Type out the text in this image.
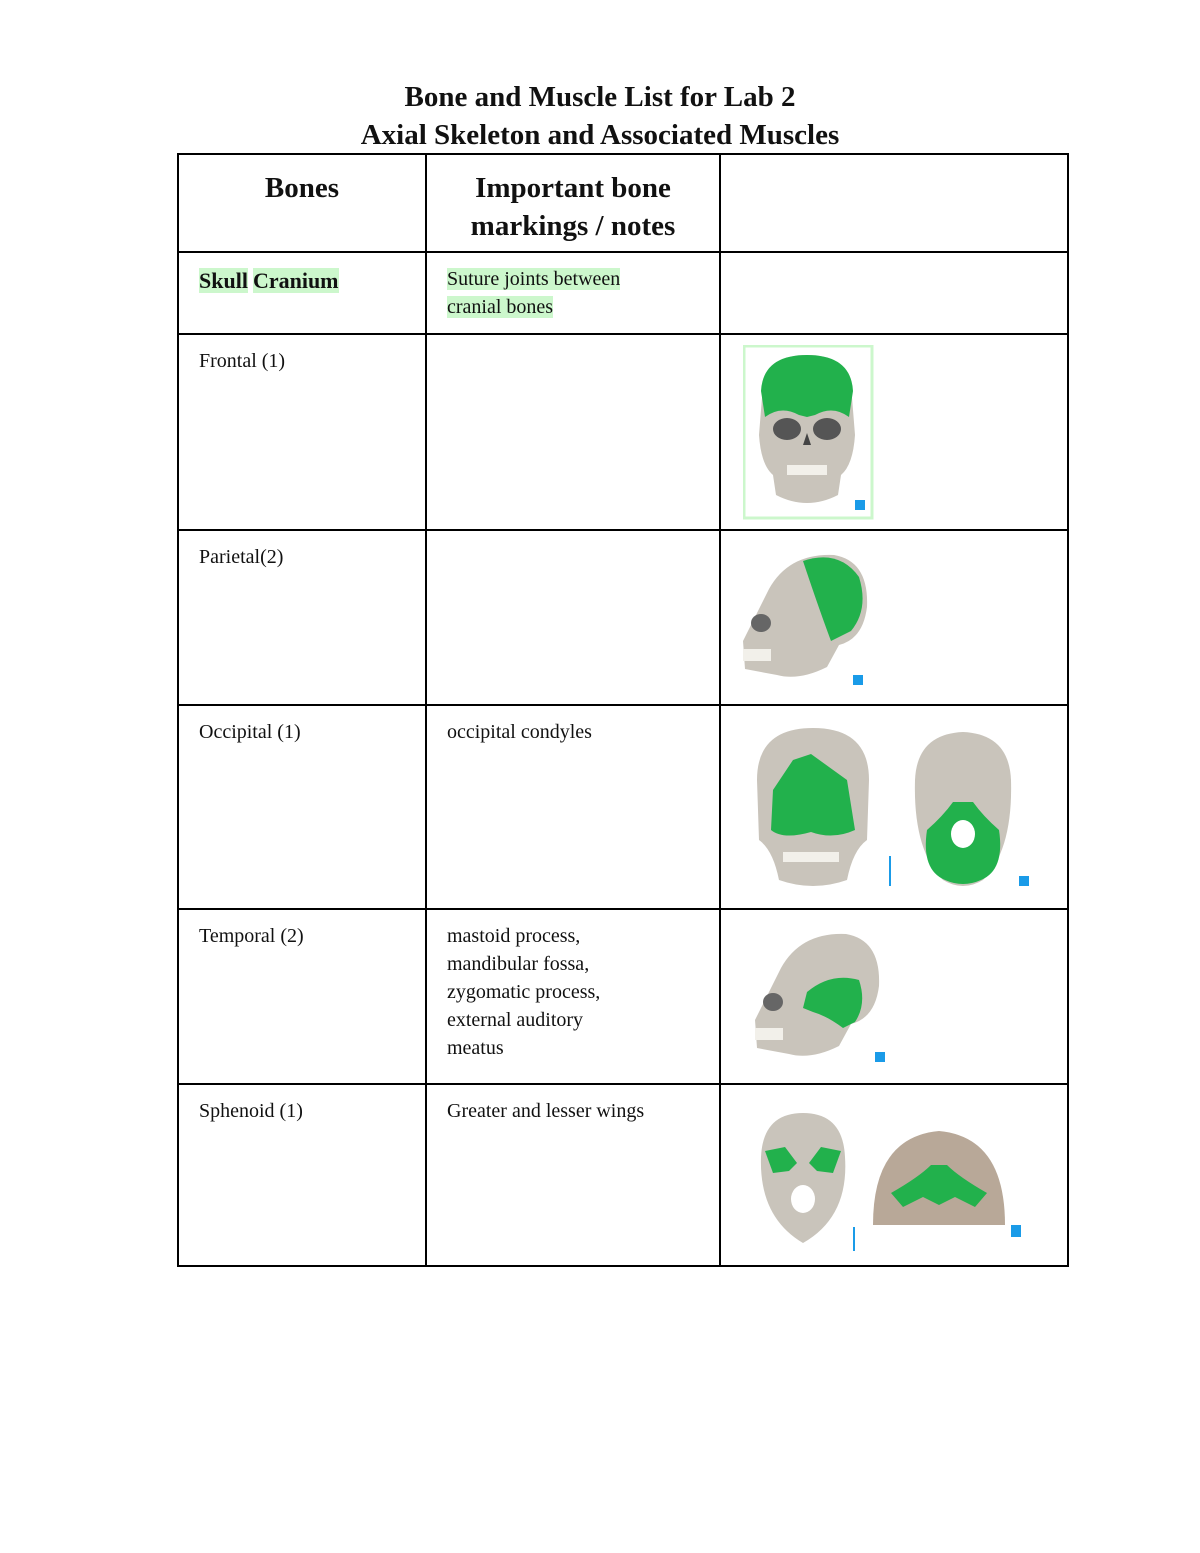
Bone and Muscle List for Lab 2
Axial Skeleton and Associated Muscles
Bones	Important bone markings / notes	

Skull Cranium	Suture joints between
cranial bones	

Frontal (1)

Parietal(2)

Occipital (1)	occipital condyles

Temporal (2)	mastoid process,
mandibular fossa,
zygomatic process,
external auditory
meatus

Sphenoid (1)	Greater and lesser wings
